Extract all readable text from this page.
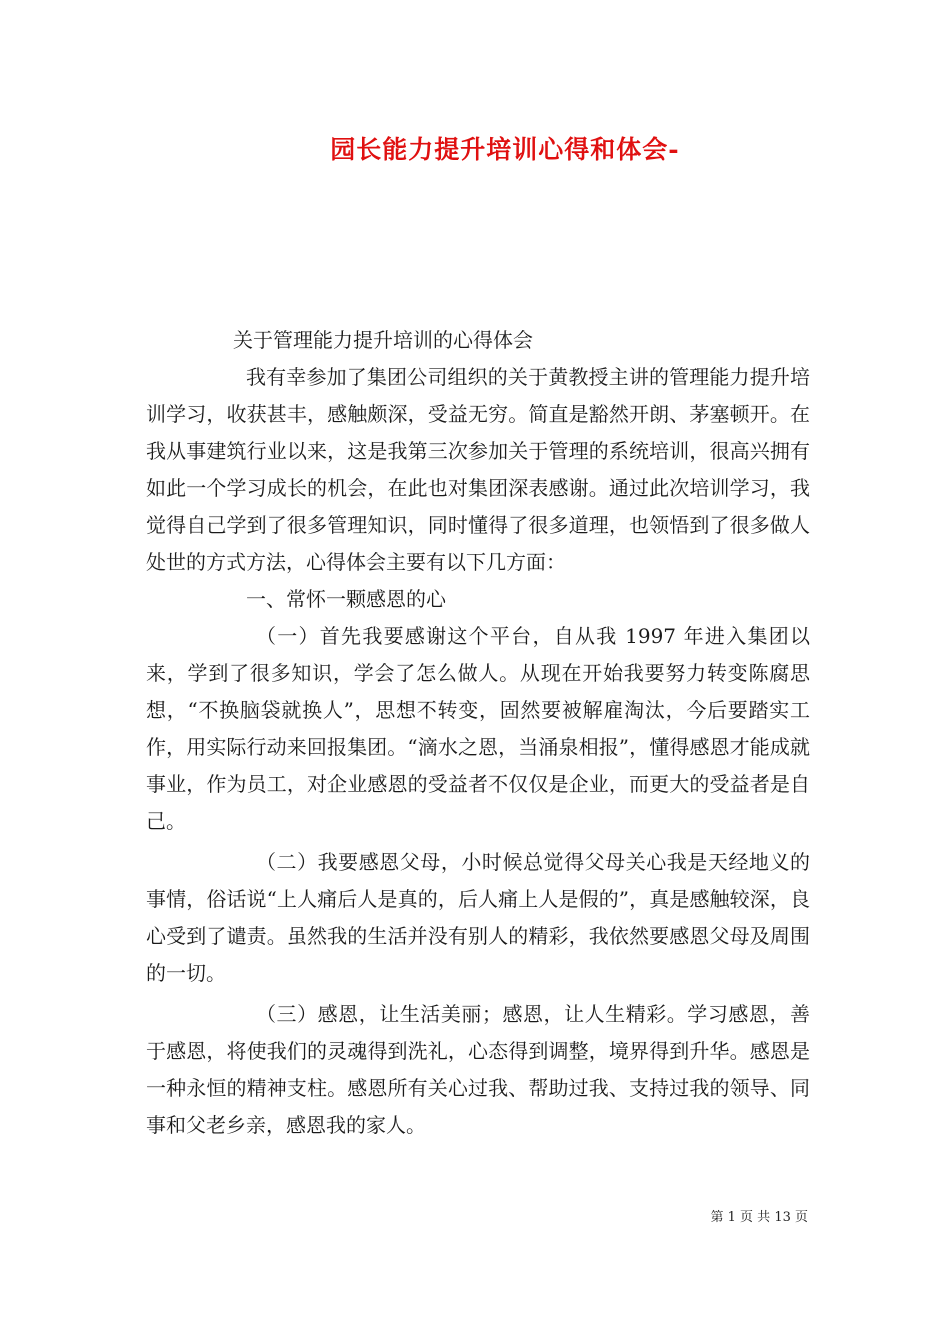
园长能力提升培训心得和体会-

关于管理能力提升培训的心得体会

我有幸参加了集团公司组织的关于黄教授主讲的管理能力提升培训学习，收获甚丰，感触颇深，受益无穷。简直是豁然开朗、茅塞顿开。在我从事建筑行业以来，这是我第三次参加关于管理的系统培训，很高兴拥有如此一个学习成长的机会，在此也对集团深表感谢。通过此次培训学习，我觉得自己学到了很多管理知识，同时懂得了很多道理，也领悟到了很多做人处世的方式方法，心得体会主要有以下几方面：

一、常怀一颗感恩的心

（一）首先我要感谢这个平台，自从我 1997 年进入集团以来，学到了很多知识，学会了怎么做人。从现在开始我要努力转变陈腐思想，“不换脑袋就换人”，思想不转变，固然要被解雇淘汰，今后要踏实工作，用实际行动来回报集团。“滴水之恩，当涌泉相报”，懂得感恩才能成就事业，作为员工，对企业感恩的受益者不仅仅是企业，而更大的受益者是自己。

（二）我要感恩父母，小时候总觉得父母关心我是天经地义的事情，俗话说“上人痛后人是真的，后人痛上人是假的”，真是感触较深，良心受到了谴责。虽然我的生活并没有别人的精彩，我依然要感恩父母及周围的一切。

（三）感恩，让生活美丽；感恩，让人生精彩。学习感恩，善于感恩，将使我们的灵魂得到洗礼，心态得到调整，境界得到升华。感恩是一种永恒的精神支柱。感恩所有关心过我、帮助过我、支持过我的领导、同事和父老乡亲，感恩我的家人。

第 1 页 共 13 页
